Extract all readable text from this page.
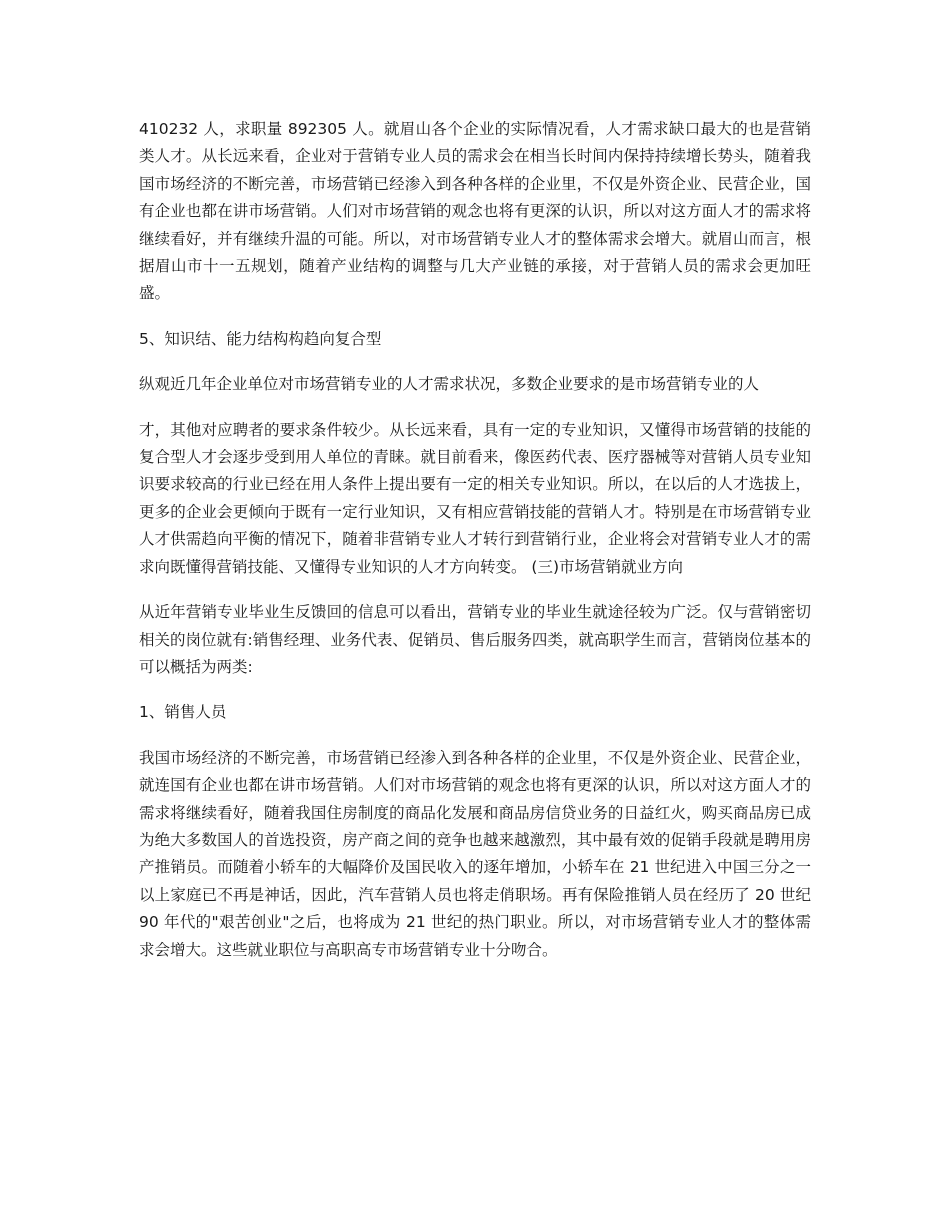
410232 人，求职量 892305 人。就眉山各个企业的实际情况看，人才需求缺口最大的也是营销类人才。从长远来看，企业对于营销专业人员的需求会在相当长时间内保持持续增长势头，随着我国市场经济的不断完善，市场营销已经渗入到各种各样的企业里，不仅是外资企业、民营企业，国有企业也都在讲市场营销。人们对市场营销的观念也将有更深的认识，所以对这方面人才的需求将继续看好，并有继续升温的可能。所以，对市场营销专业人才的整体需求会增大。就眉山而言，根据眉山市十一五规划，随着产业结构的调整与几大产业链的承接，对于营销人员的需求会更加旺盛。

5、知识结、能力结构构趋向复合型

纵观近几年企业单位对市场营销专业的人才需求状况，多数企业要求的是市场营销专业的人

才，其他对应聘者的要求条件较少。从长远来看，具有一定的专业知识，又懂得市场营销的技能的复合型人才会逐步受到用人单位的青睐。就目前看来，像医药代表、医疗器械等对营销人员专业知识要求较高的行业已经在用人条件上提出要有一定的相关专业知识。所以，在以后的人才选拔上，更多的企业会更倾向于既有一定行业知识，又有相应营销技能的营销人才。特别是在市场营销专业人才供需趋向平衡的情况下，随着非营销专业人才转行到营销行业，企业将会对营销专业人才的需求向既懂得营销技能、又懂得专业知识的人才方向转变。 (三)市场营销就业方向

从近年营销专业毕业生反馈回的信息可以看出，营销专业的毕业生就途径较为广泛。仅与营销密切相关的岗位就有:销售经理、业务代表、促销员、售后服务四类，就高职学生而言，营销岗位基本的可以概括为两类:

1、销售人员

我国市场经济的不断完善，市场营销已经渗入到各种各样的企业里，不仅是外资企业、民营企业，就连国有企业也都在讲市场营销。人们对市场营销的观念也将有更深的认识，所以对这方面人才的需求将继续看好，随着我国住房制度的商品化发展和商品房信贷业务的日益红火，购买商品房已成为绝大多数国人的首选投资，房产商之间的竞争也越来越激烈，其中最有效的促销手段就是聘用房产推销员。而随着小轿车的大幅降价及国民收入的逐年增加，小轿车在 21 世纪进入中国三分之一以上家庭已不再是神话，因此，汽车营销人员也将走俏职场。再有保险推销人员在经历了 20 世纪 90 年代的"艰苦创业"之后，也将成为 21 世纪的热门职业。所以，对市场营销专业人才的整体需求会增大。这些就业职位与高职高专市场营销专业十分吻合。
